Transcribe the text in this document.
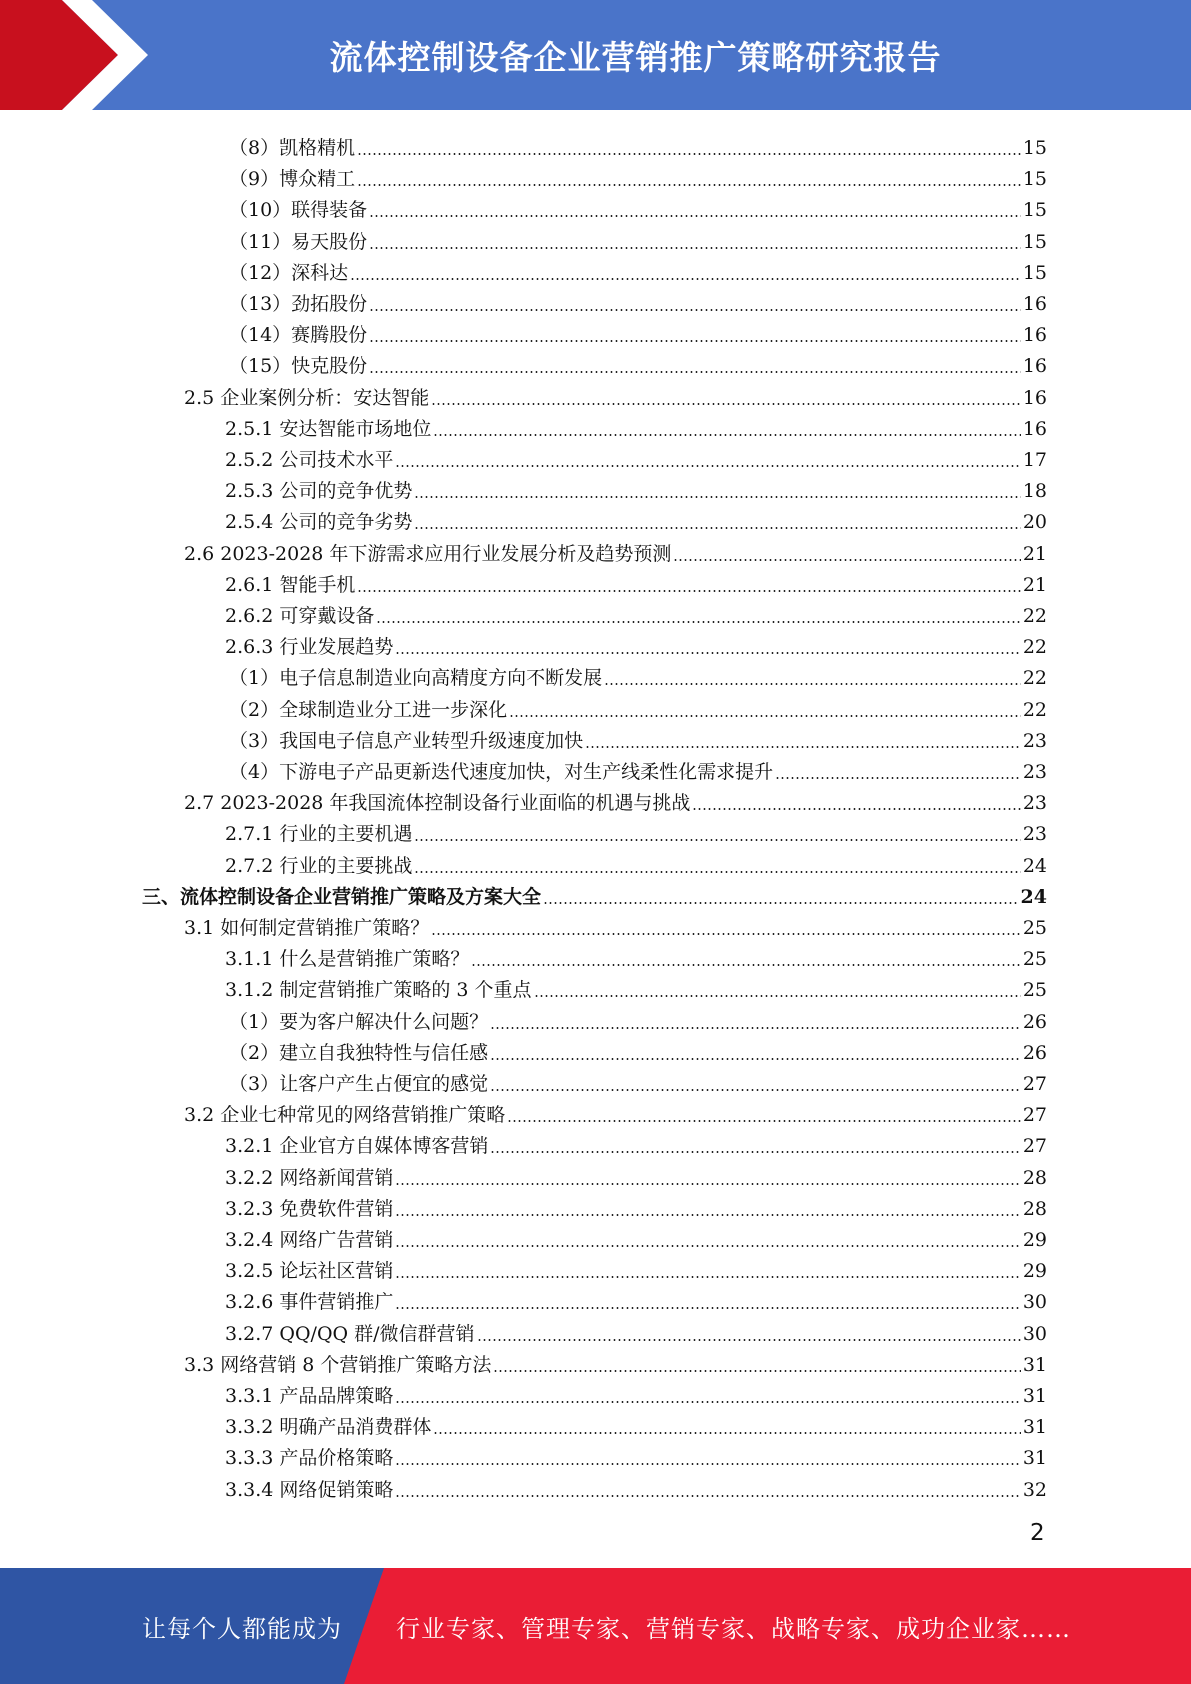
流体控制设备企业营销推广策略研究报告
（8）凯格精机	15
（9）博众精工	15
（10）联得装备	15
（11）易天股份	15
（12）深科达	15
（13）劲拓股份	16
（14）赛腾股份	16
（15）快克股份	16
2.5 企业案例分析：安达智能	16
2.5.1 安达智能市场地位	16
2.5.2 公司技术水平	17
2.5.3 公司的竞争优势	18
2.5.4 公司的竞争劣势	20
2.6 2023-2028 年下游需求应用行业发展分析及趋势预测	21
2.6.1 智能手机	21
2.6.2 可穿戴设备	22
2.6.3 行业发展趋势	22
（1）电子信息制造业向高精度方向不断发展	22
（2）全球制造业分工进一步深化	22
（3）我国电子信息产业转型升级速度加快	23
（4）下游电子产品更新迭代速度加快，对生产线柔性化需求提升	23
2.7 2023-2028 年我国流体控制设备行业面临的机遇与挑战	23
2.7.1 行业的主要机遇	23
2.7.2 行业的主要挑战	24
三、流体控制设备企业营销推广策略及方案大全	24
3.1 如何制定营销推广策略？	25
3.1.1 什么是营销推广策略？	25
3.1.2 制定营销推广策略的 3 个重点	25
（1）要为客户解决什么问题？	26
（2）建立自我独特性与信任感	26
（3）让客户产生占便宜的感觉	27
3.2 企业七种常见的网络营销推广策略	27
3.2.1 企业官方自媒体博客营销	27
3.2.2 网络新闻营销	28
3.2.3 免费软件营销	28
3.2.4 网络广告营销	29
3.2.5 论坛社区营销	29
3.2.6 事件营销推广	30
3.2.7 QQ/QQ 群/微信群营销	30
3.3 网络营销 8 个营销推广策略方法	31
3.3.1 产品品牌策略	31
3.3.2 明确产品消费群体	31
3.3.3 产品价格策略	31
3.3.4 网络促销策略	32
2
让每个人都能成为 行业专家、管理专家、营销专家、战略专家、成功企业家……
